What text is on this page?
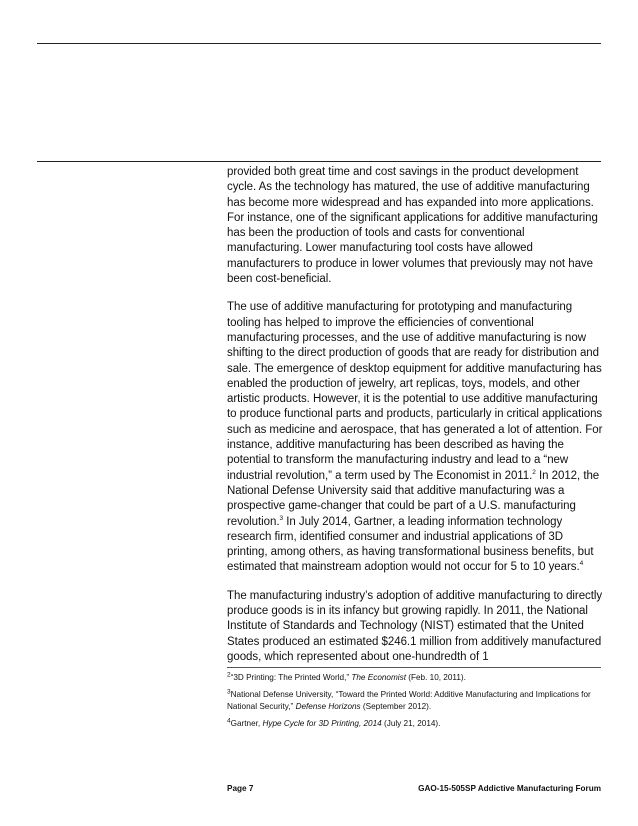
provided both great time and cost savings in the product development cycle. As the technology has matured, the use of additive manufacturing has become more widespread and has expanded into more applications. For instance, one of the significant applications for additive manufacturing has been the production of tools and casts for conventional manufacturing. Lower manufacturing tool costs have allowed manufacturers to produce in lower volumes that previously may not have been cost-beneficial.

The use of additive manufacturing for prototyping and manufacturing tooling has helped to improve the efficiencies of conventional manufacturing processes, and the use of additive manufacturing is now shifting to the direct production of goods that are ready for distribution and sale. The emergence of desktop equipment for additive manufacturing has enabled the production of jewelry, art replicas, toys, models, and other artistic products. However, it is the potential to use additive manufacturing to produce functional parts and products, particularly in critical applications such as medicine and aerospace, that has generated a lot of attention. For instance, additive manufacturing has been described as having the potential to transform the manufacturing industry and lead to a “new industrial revolution,” a term used by The Economist in 2011.$^2$ In 2012, the National Defense University said that additive manufacturing was a prospective game-changer that could be part of a U.S. manufacturing revolution.$^3$ In July 2014, Gartner, a leading information technology research firm, identified consumer and industrial applications of 3D printing, among others, as having transformational business benefits, but estimated that mainstream adoption would not occur for 5 to 10 years.$^4$

The manufacturing industry’s adoption of additive manufacturing to directly produce goods is in its infancy but growing rapidly. In 2011, the National Institute of Standards and Technology (NIST) estimated that the United States produced an estimated $246.1 million from additively manufactured goods, which represented about one-hundredth of 1

$^2$“3D Printing: The Printed World,” The Economist (Feb. 10, 2011).
$^3$National Defense University, “Toward the Printed World: Additive Manufacturing and Implications for National Security,” Defense Horizons (September 2012).
$^4$Gartner, Hype Cycle for 3D Printing, 2014 (July 21, 2014).
Page 7	GAO-15-505SP Addictive Manufacturing Forum
